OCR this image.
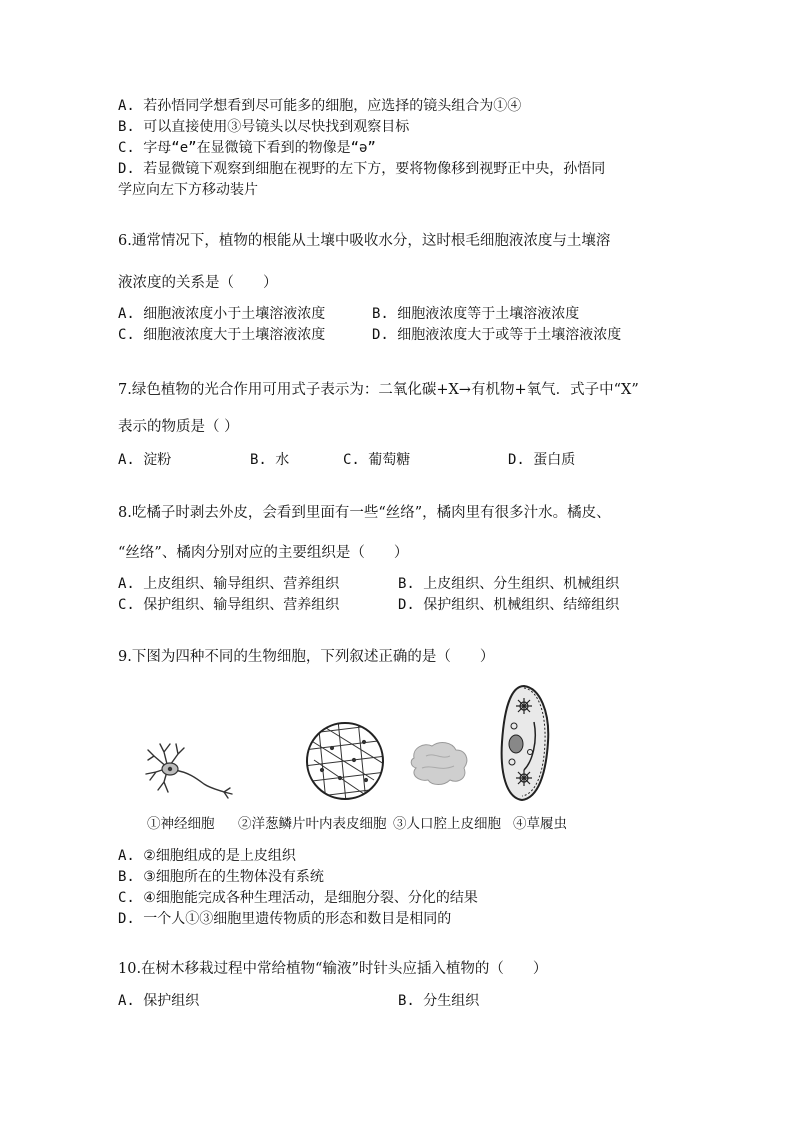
A. 若孙悟同学想看到尽可能多的细胞，应选择的镜头组合为①④
B. 可以直接使用③号镜头以尽快找到观察目标
C. 字母“e”在显微镜下看到的物像是“ə”
D. 若显微镜下观察到细胞在视野的左下方，要将物像移到视野正中央，孙悟同
学应向左下方移动装片
6.通常情况下，植物的根能从土壤中吸收水分，这时根毛细胞液浓度与土壤溶
液浓度的关系是（　　）
A. 细胞液浓度小于土壤溶液浓度	B. 细胞液浓度等于土壤溶液浓度
C. 细胞液浓度大于土壤溶液浓度	D. 细胞液浓度大于或等于土壤溶液浓度
7.绿色植物的光合作用可用式子表示为：二氧化碳+X→有机物+氧气．式子中“X”
表示的物质是（ ）
A. 淀粉	B. 水	C. 葡萄糖	D. 蛋白质
8.吃橘子时剥去外皮，会看到里面有一些“丝络”，橘肉里有很多汁水。橘皮、
“丝络”、橘肉分别对应的主要组织是（　　）
A. 上皮组织、输导组织、营养组织	B. 上皮组织、分生组织、机械组织
C. 保护组织、输导组织、营养组织	D. 保护组织、机械组织、结缔组织
9.下图为四种不同的生物细胞，下列叙述正确的是（　　）
①神经细胞 ②洋葱鳞片叶内表皮细胞 ③人口腔上皮细胞 ④草履虫
A. ②细胞组成的是上皮组织
B. ③细胞所在的生物体没有系统
C. ④细胞能完成各种生理活动，是细胞分裂、分化的结果
D. 一个人①③细胞里遗传物质的形态和数目是相同的
10.在树木移栽过程中常给植物“输液”时针头应插入植物的（　　）
A. 保护组织	B. 分生组织
